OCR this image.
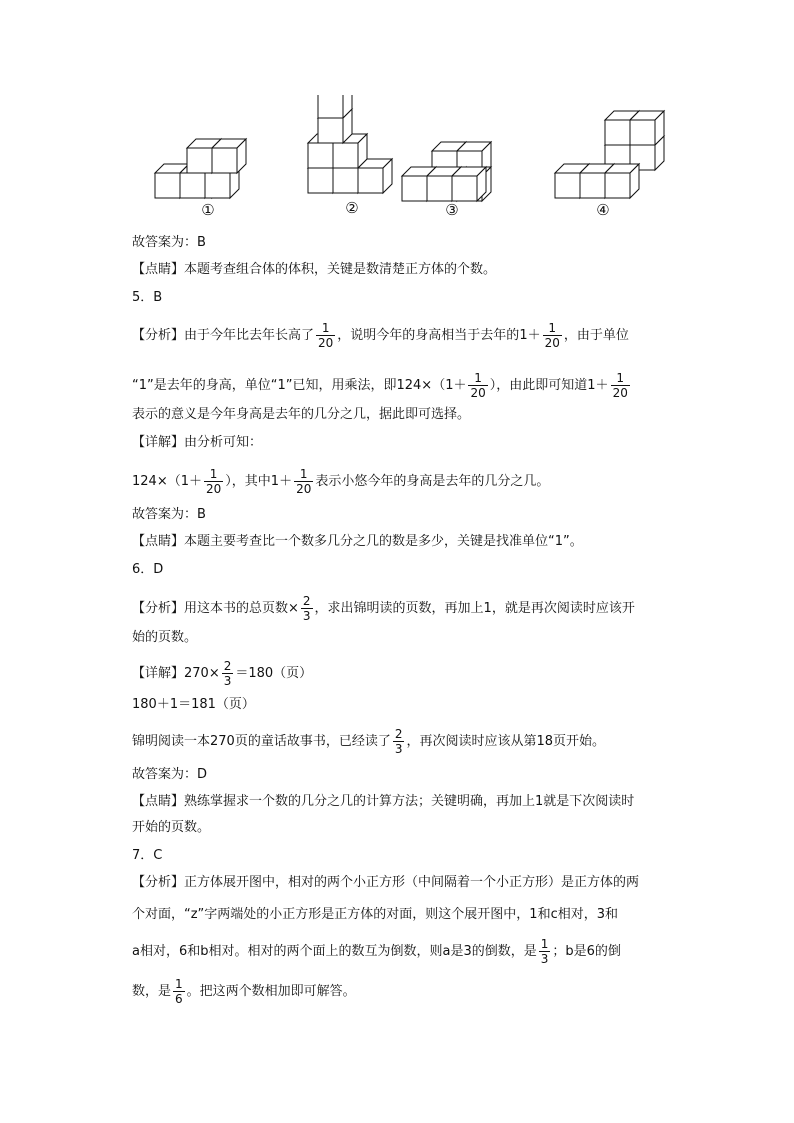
①	②	③	④
故答案为：B
【点睛】本题考查组合体的体积，关键是数清楚正方体的个数。
5．B
【分析】由于今年比去年长高了 $\frac{1}{20}$ ，说明今年的身高相当于去年的$1+ \frac{1}{20}$ ，由于单位
“1”是去年的身高，单位“1”已知，用乘法，即$124\times(1+ \frac{1}{20}$ ），由此即可知道$1+ \frac{1}{20}$
表示的意义是今年身高是去年的几分之几，据此即可选择。
【详解】由分析可知：
$124\times(1+ \frac{1}{20}$ ），其中$1+ \frac{1}{20}$ 表示小悠今年的身高是去年的几分之几。
故答案为：B
【点睛】本题主要考查比一个数多几分之几的数是多少，关键是找准单位“1”。
6．D
【分析】用这本书的总页数× $\frac{2}{3}$ ，求出锦明读的页数，再加上1，就是再次阅读时应该开
始的页数。
【详解】$270\times \frac{2}{3} =180$（页）
180＋1＝181（页）
锦明阅读一本270页的童话故事书，已经读了 $\frac{2}{3}$ ，再次阅读时应该从第18页开始。
故答案为：D
【点睛】熟练掌握求一个数的几分之几的计算方法；关键明确，再加上1就是下次阅读时
开始的页数。
7．C
【分析】正方体展开图中，相对的两个小正方形（中间隔着一个小正方形）是正方体的两
个对面，“z”字两端处的小正方形是正方体的对面，则这个展开图中，1和c相对，3和
a相对，6和b相对。相对的两个面上的数互为倒数，则a是3的倒数，是 $\frac{1}{3}$ ；b是6的倒
数，是 $\frac{1}{6}$ 。把这两个数相加即可解答。
